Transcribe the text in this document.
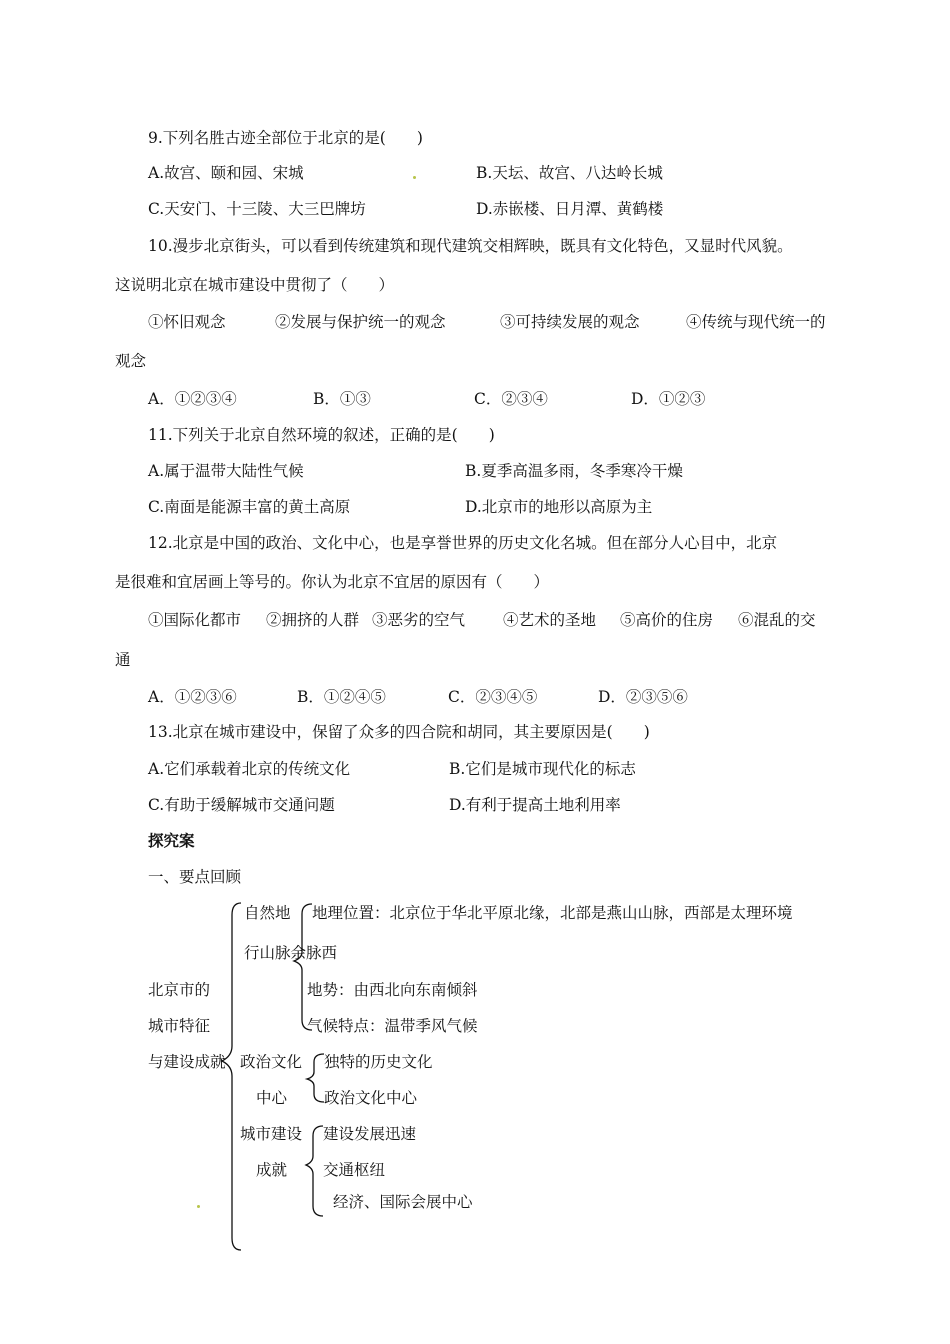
9.下列名胜古迹全部位于北京的是(　　)
A.故宫、颐和园、宋城	B.天坛、故宫、八达岭长城
C.天安门、十三陵、大三巴牌坊	D.赤嵌楼、日月潭、黄鹤楼
10.漫步北京街头，可以看到传统建筑和现代建筑交相辉映，既具有文化特色，又显时代风貌。
这说明北京在城市建设中贯彻了（　　）
①怀旧观念	②发展与保护统一的观念	③可持续发展的观念	④传统与现代统一的
观念
A．①②③④	B．①③	C．②③④	D．①②③
11.下列关于北京自然环境的叙述，正确的是(　　)
A.属于温带大陆性气候	B.夏季高温多雨，冬季寒冷干燥
C.南面是能源丰富的黄土高原	D.北京市的地形以高原为主
12.北京是中国的政治、文化中心，也是享誉世界的历史文化名城。但在部分人心目中，北京
是很难和宜居画上等号的。你认为北京不宜居的原因有（　　）
①国际化都市 ②拥挤的人群 ③恶劣的空气 ④艺术的圣地 ⑤高价的住房 ⑥混乱的交
通
A．①②③⑥	B．①②④⑤	C．②③④⑤	D．②③⑤⑥
13.北京在城市建设中，保留了众多的四合院和胡同，其主要原因是(　　)
A.它们承载着北京的传统文化	B.它们是城市现代化的标志
C.有助于缓解城市交通问题	D.有利于提高土地利用率
探究案
一、要点回顾
北京市的
城市特征
与建设成就
自然地
行山脉余脉西
地理位置：北京位于华北平原北缘，北部是燕山山脉，西部是太理环境
地势：由西北向东南倾斜
气候特点：温带季风气候
政治文化
中心
独特的历史文化
政治文化中心
城市建设
成就
建设发展迅速
交通枢纽
经济、国际会展中心
